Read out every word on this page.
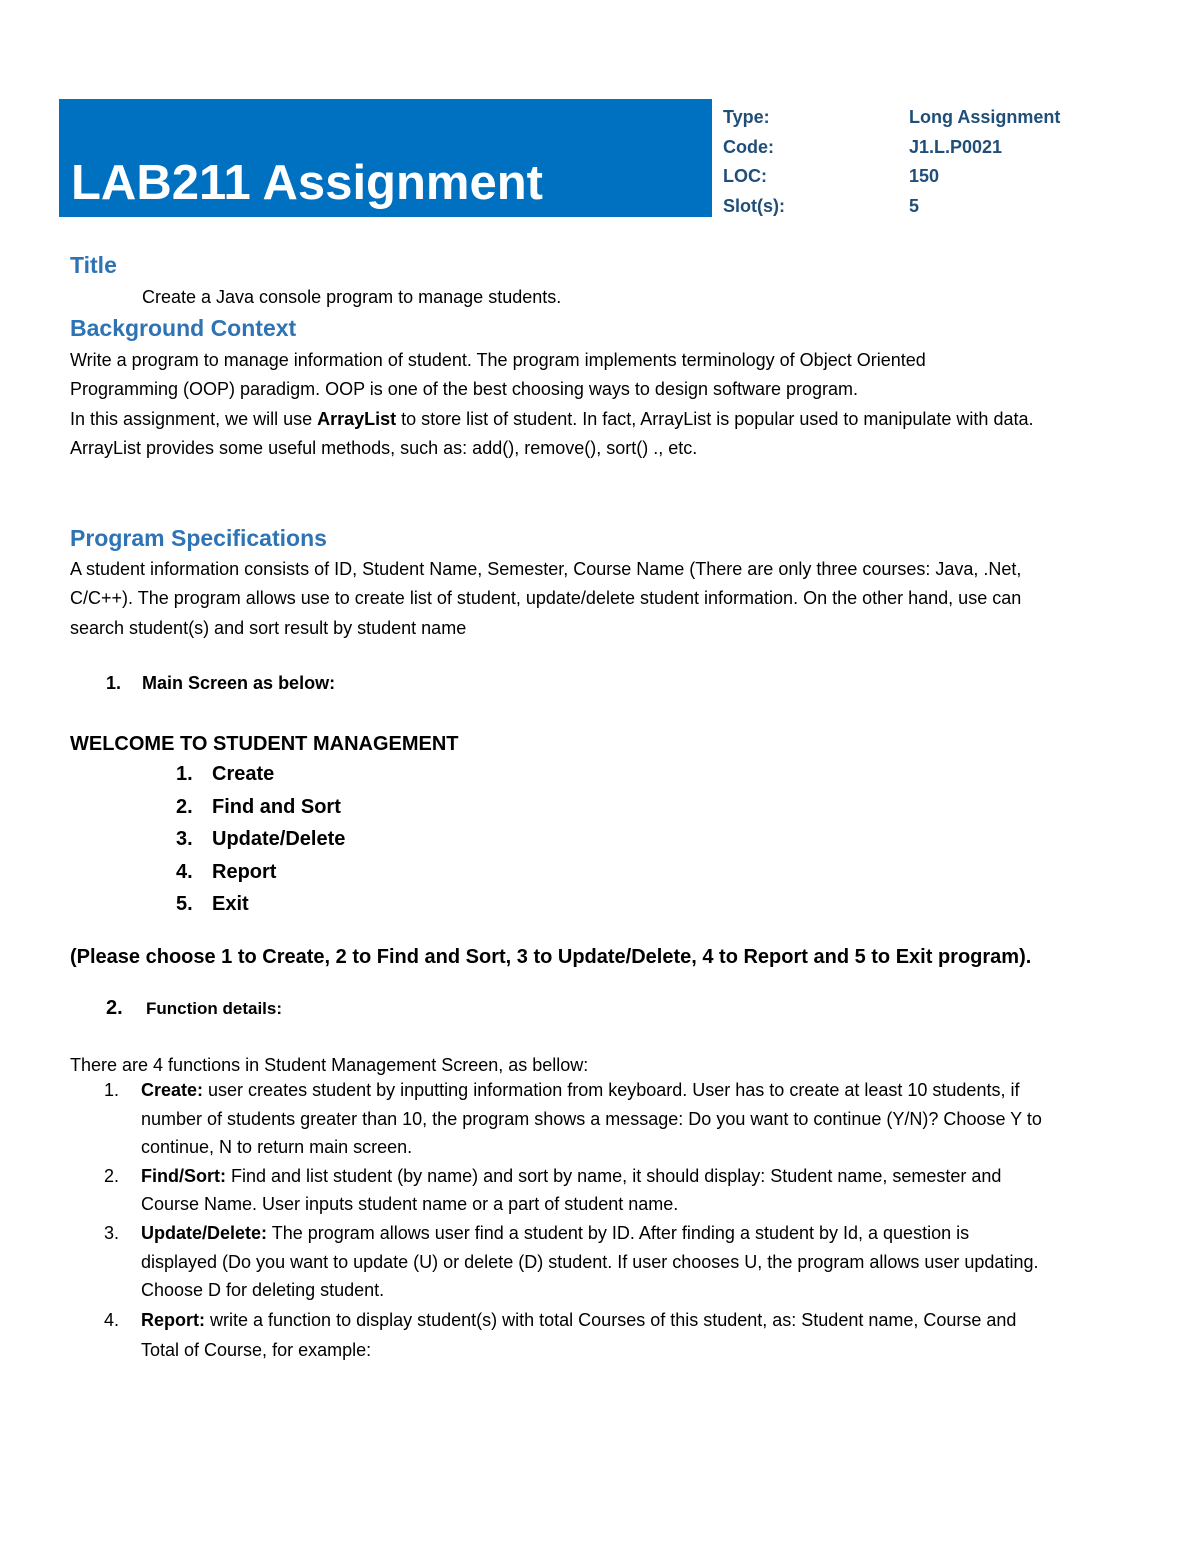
LAB211 Assignment
Type:	Long Assignment
Code:	J1.L.P0021
LOC:	150
Slot(s):	5
Title
Create a Java console program to manage students.
Background Context
Write a program to manage information of student. The program implements terminology of Object Oriented
Programming (OOP) paradigm. OOP is one of the best choosing ways to design software program.
In this assignment, we will use ArrayList to store list of student. In fact, ArrayList is popular used to manipulate with data.
ArrayList provides some useful methods, such as: add(), remove(), sort() ., etc.
Program Specifications
A student information consists of ID, Student Name, Semester, Course Name (There are only three courses: Java, .Net,
C/C++). The program allows use to create list of student, update/delete student information. On the other hand, use can
search student(s) and sort result by student name
1. Main Screen as below:
WELCOME TO STUDENT MANAGEMENT
1. Create
2. Find and Sort
3. Update/Delete
4. Report
5. Exit
(Please choose 1 to Create, 2 to Find and Sort, 3 to Update/Delete, 4 to Report and 5 to Exit program).
2. Function details:
There are 4 functions in Student Management Screen, as bellow:
1. Create: user creates student by inputting information from keyboard. User has to create at least 10 students, if
number of students greater than 10, the program shows a message: Do you want to continue (Y/N)? Choose Y to
continue, N to return main screen.
2. Find/Sort: Find and list student (by name) and sort by name, it should display: Student name, semester and
Course Name. User inputs student name or a part of student name.
3. Update/Delete: The program allows user find a student by ID. After finding a student by Id, a question is
displayed (Do you want to update (U) or delete (D) student. If user chooses U, the program allows user updating.
Choose D for deleting student.
4. Report: write a function to display student(s) with total Courses of this student, as: Student name, Course and
Total of Course, for example:
